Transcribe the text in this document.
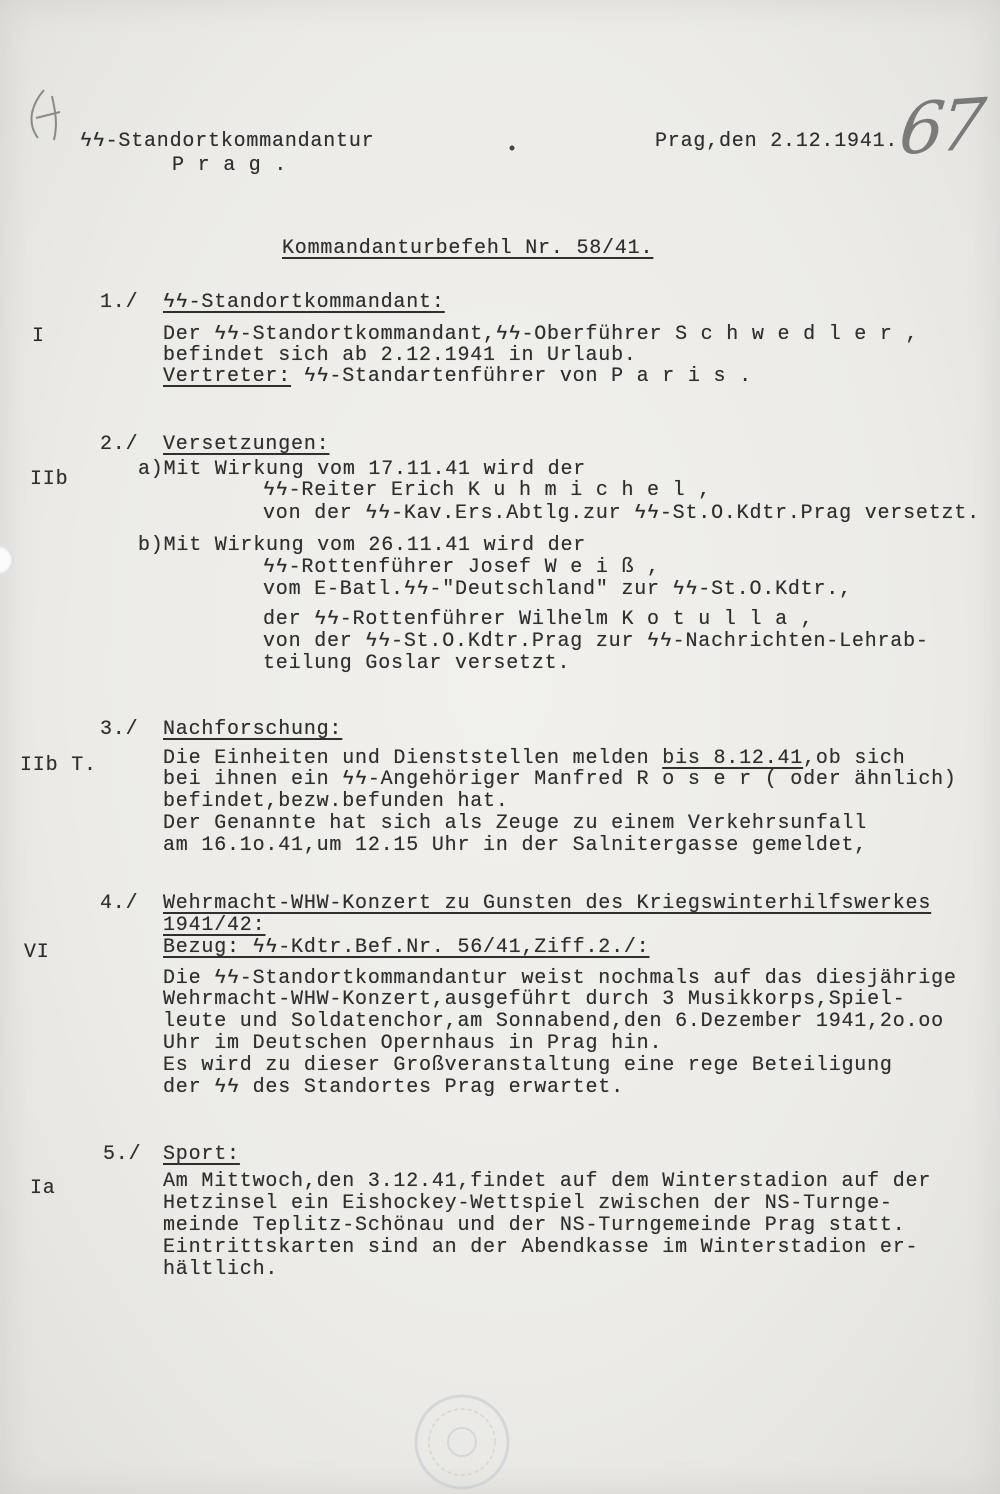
ϟϟ-Standortkommandantur
P r a g .
Prag,den 2.12.1941.
67
Kommandanturbefehl Nr. 58/41.
1./ ϟϟ-Standortkommandant:
I	Der ϟϟ-Standortkommandant,ϟϟ-Oberführer S c h w e d l e r ,
befindet sich ab 2.12.1941 in Urlaub.
Vertreter: ϟϟ-Standartenführer von P a r i s .
2./ Versetzungen:
IIb	a)Mit Wirkung vom 17.11.41 wird der
ϟϟ-Reiter Erich K u h m i c h e l ,
von der ϟϟ-Kav.Ers.Abtlg.zur ϟϟ-St.O.Kdtr.Prag versetzt.
b)Mit Wirkung vom 26.11.41 wird der
ϟϟ-Rottenführer Josef W e i ß ,
vom E-Batl.ϟϟ-"Deutschland" zur ϟϟ-St.O.Kdtr.,
der ϟϟ-Rottenführer Wilhelm K o t u l l a ,
von der ϟϟ-St.O.Kdtr.Prag zur ϟϟ-Nachrichten-Lehrab-
teilung Goslar versetzt.
3./ Nachforschung:
IIb T.	Die Einheiten und Dienststellen melden bis 8.12.41,ob sich
bei ihnen ein ϟϟ-Angehöriger Manfred R o s e r ( oder ähnlich)
befindet,bezw.befunden hat.
Der Genannte hat sich als Zeuge zu einem Verkehrsunfall
am 16.1o.41,um 12.15 Uhr in der Salnitergasse gemeldet,
4./ Wehrmacht-WHW-Konzert zu Gunsten des Kriegswinterhilfswerkes
1941/42:
VI	Bezug: ϟϟ-Kdtr.Bef.Nr. 56/41,Ziff.2./:
Die ϟϟ-Standortkommandantur weist nochmals auf das diesjährige
Wehrmacht-WHW-Konzert,ausgeführt durch 3 Musikkorps,Spiel-
leute und Soldatenchor,am Sonnabend,den 6.Dezember 1941,2o.oo
Uhr im Deutschen Opernhaus in Prag hin.
Es wird zu dieser Großveranstaltung eine rege Beteiligung
der ϟϟ des Standortes Prag erwartet.
5./ Sport:
Ia	Am Mittwoch,den 3.12.41,findet auf dem Winterstadion auf der
Hetzinsel ein Eishockey-Wettspiel zwischen der NS-Turnge-
meinde Teplitz-Schönau und der NS-Turngemeinde Prag statt.
Eintrittskarten sind an der Abendkasse im Winterstadion er-
hältlich.
